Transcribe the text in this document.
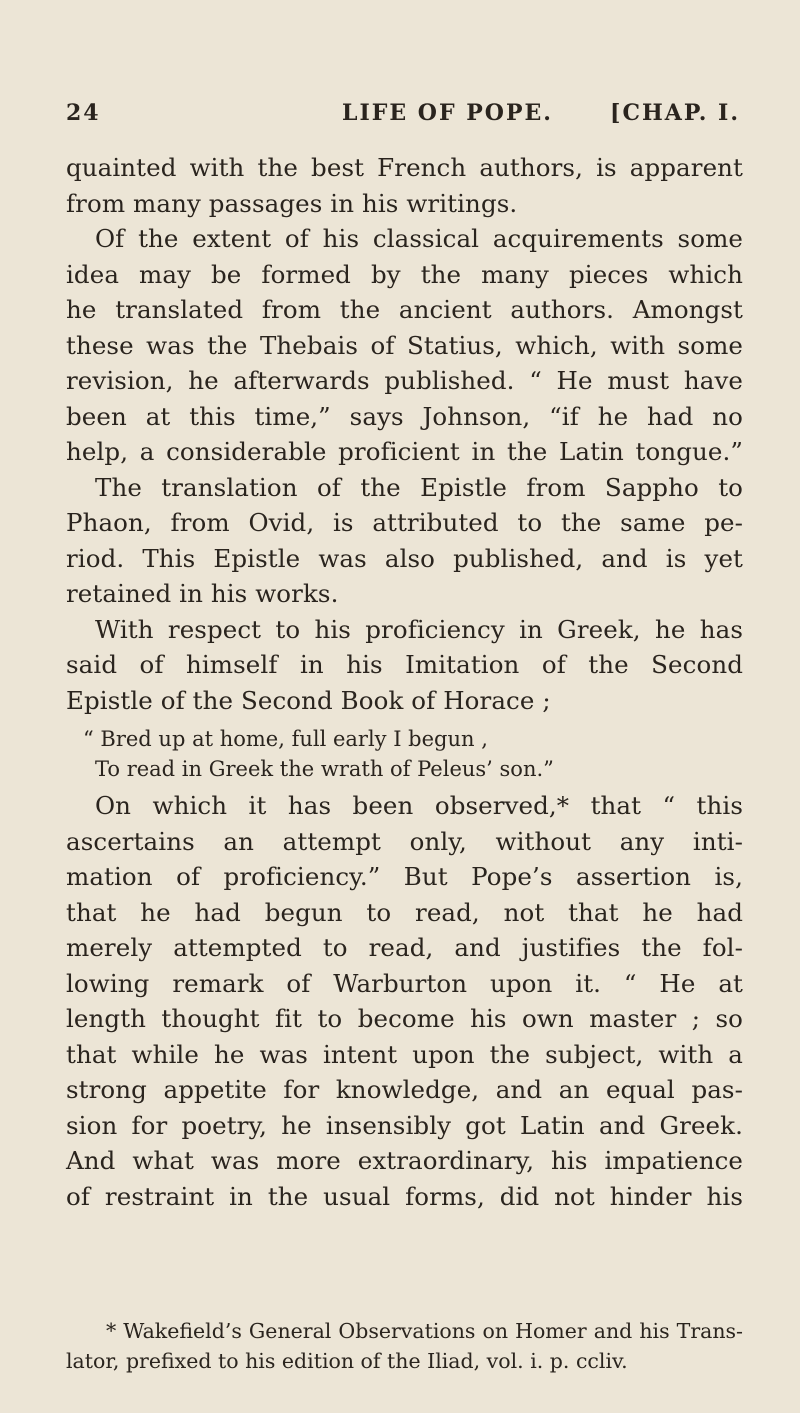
24	LIFE OF POPE.	[CHAP. I.
quainted with the best French authors, is apparent
from many passages in his writings.
Of the extent of his classical acquirements some
idea may be formed by the many pieces which
he translated from the ancient authors. Amongst
these was the Thebais of Statius, which, with some
revision, he afterwards published. “ He must have
been at this time,” says Johnson, “if he had no
help, a considerable proficient in the Latin tongue.”
The translation of the Epistle from Sappho to
Phaon, from Ovid, is attributed to the same pe-
riod. This Epistle was also published, and is yet
retained in his works.
With respect to his proficiency in Greek, he has
said of himself in his Imitation of the Second
Epistle of the Second Book of Horace ;
“ Bred up at home, full early I begun ,
To read in Greek the wrath of Peleus’ son.”
On which it has been observed,* that “ this
ascertains an attempt only, without any inti-
mation of proficiency.” But Pope’s assertion is,
that he had begun to read, not that he had
merely attempted to read, and justifies the fol-
lowing remark of Warburton upon it. “ He at
length thought fit to become his own master ; so
that while he was intent upon the subject, with a
strong appetite for knowledge, and an equal pas-
sion for poetry, he insensibly got Latin and Greek.
And what was more extraordinary, his impatience
of restraint in the usual forms, did not hinder his
* Wakefield’s General Observations on Homer and his Trans-
lator, prefixed to his edition of the Iliad, vol. i. p. ccliv.
